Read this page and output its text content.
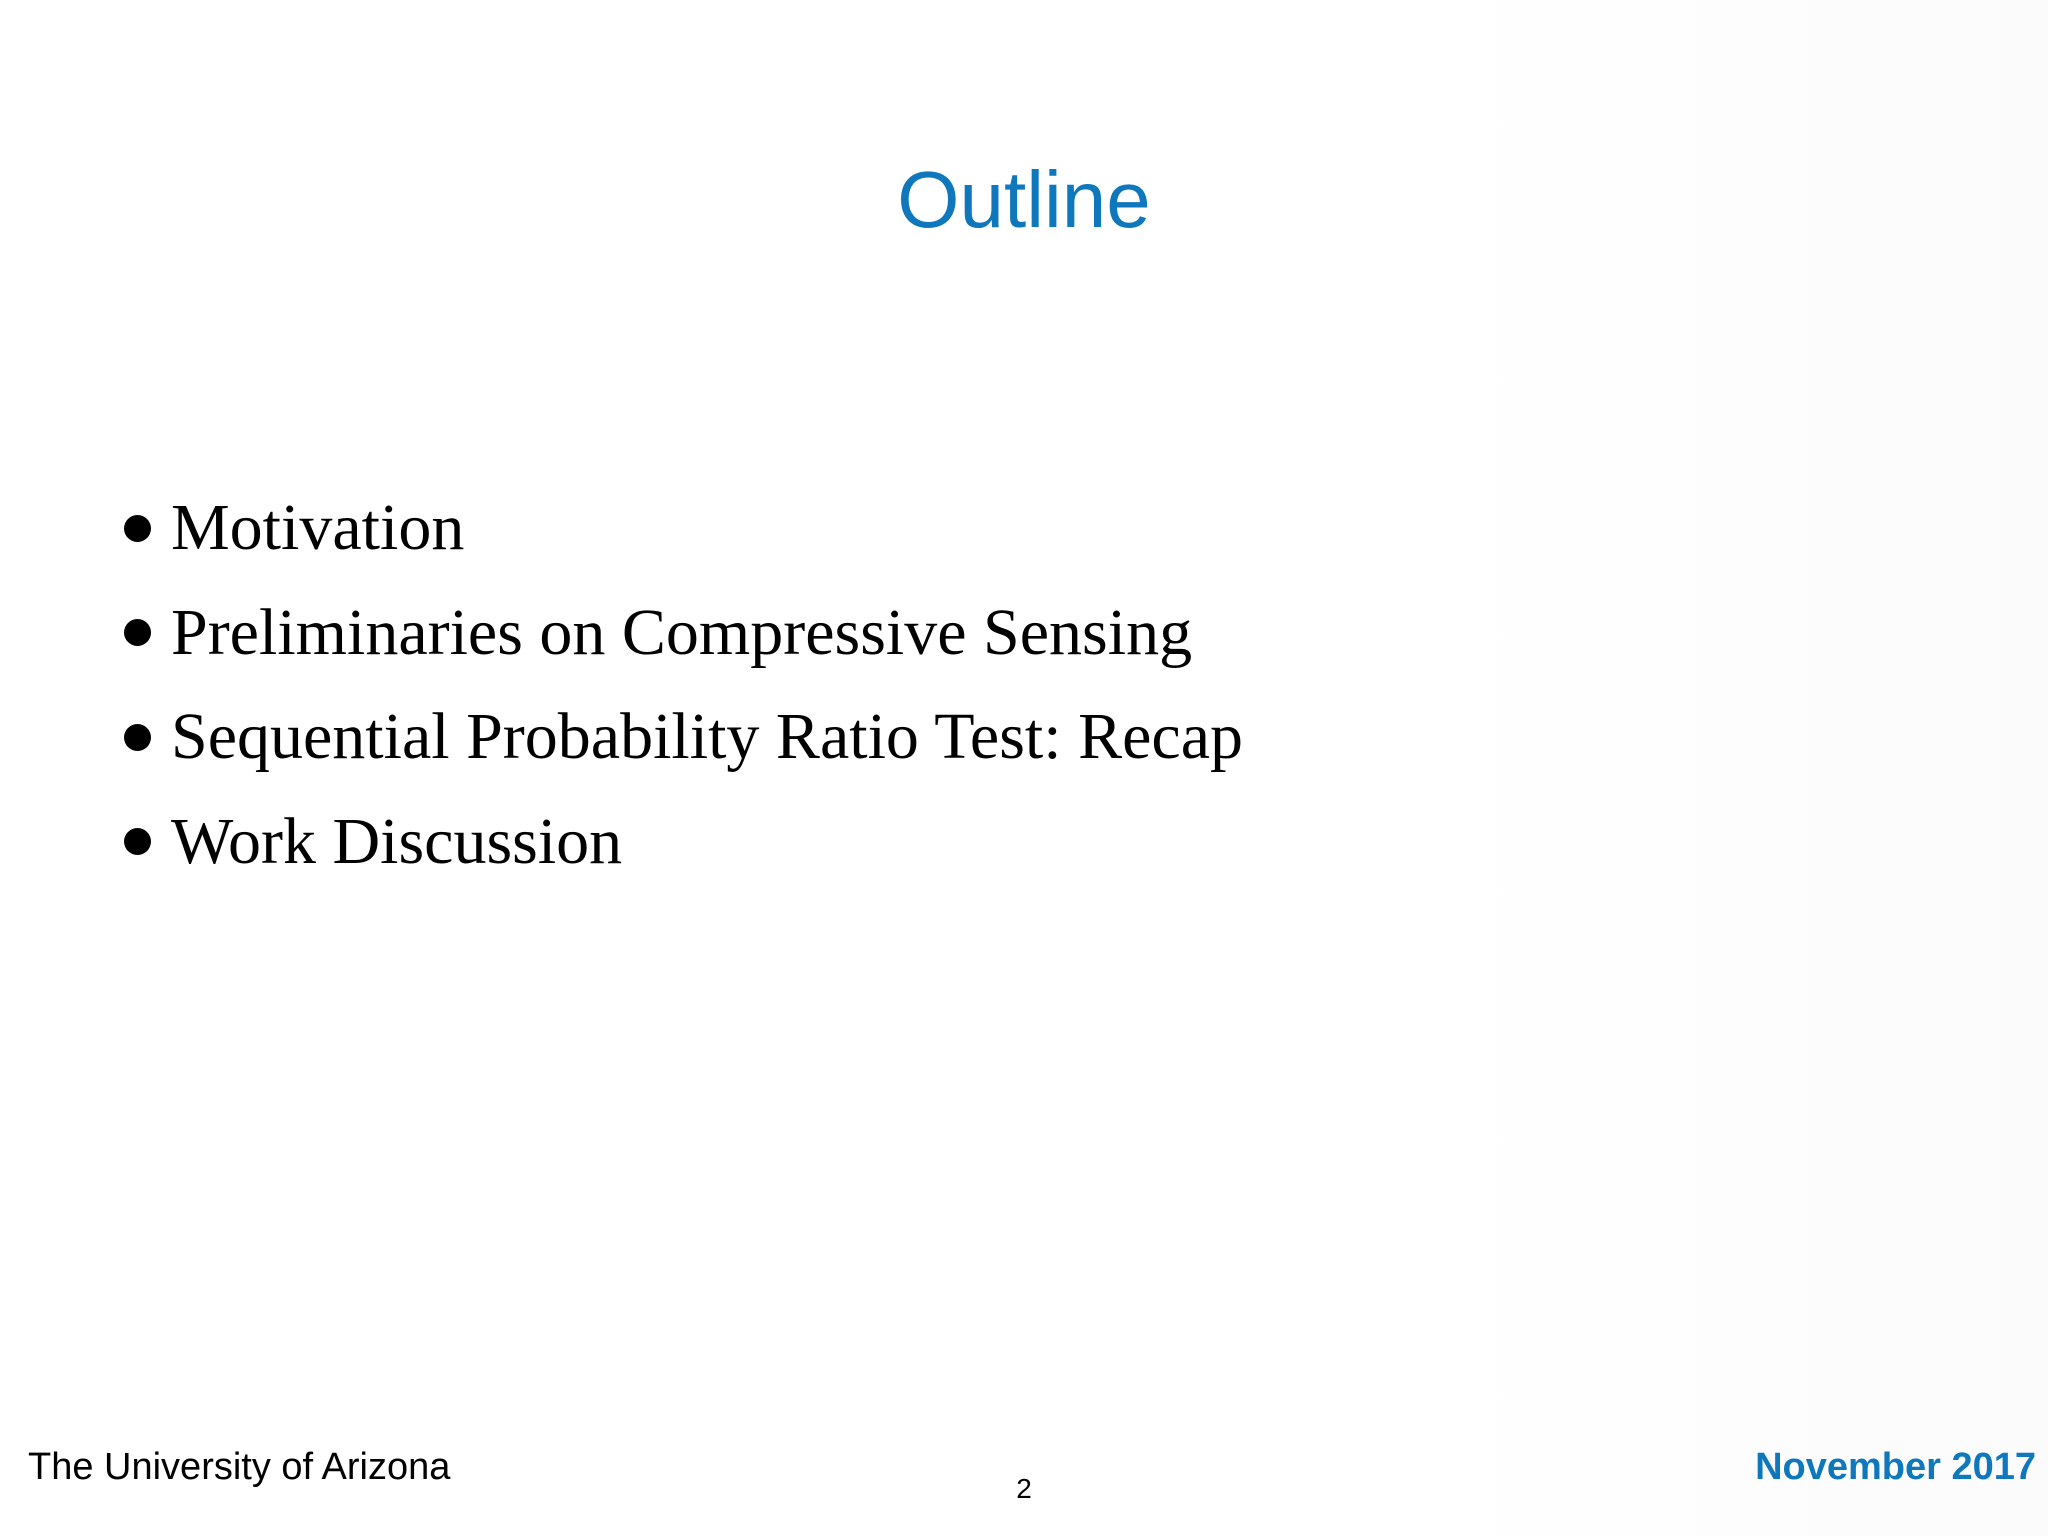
Outline
Motivation
Preliminaries on Compressive Sensing
Sequential Probability Ratio Test: Recap
Work Discussion
The University of Arizona
2
November 2017
